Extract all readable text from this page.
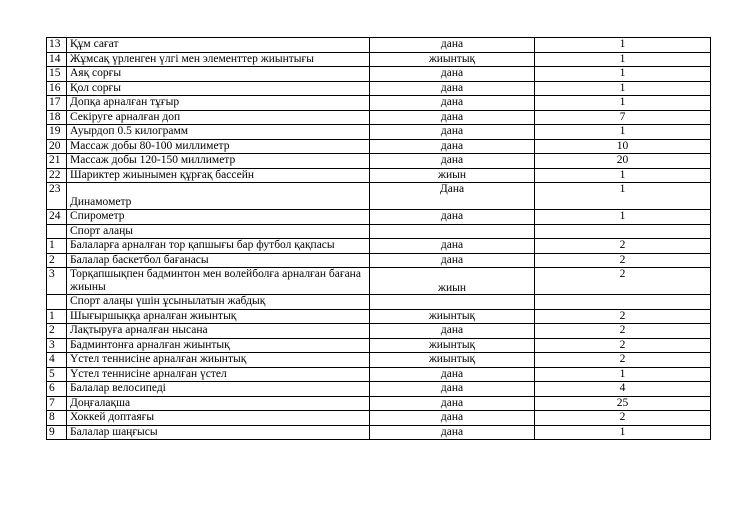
13	Құм сағат	дана	1
14	Жұмсақ үрленген үлгі мен элементтер жиынтығы	жиынтық	1
15	Аяқ сорғы	дана	1
16	Қол сорғы	дана	1
17	Допқа арналған тұғыр	дана	1
18	Секіруге арналған доп	дана	7
19	Ауырдоп 0.5 килограмм	дана	1
20	Массаж добы 80-100 миллиметр	дана	10
21	Массаж добы 120-150 миллиметр	дана	20
22	Шариктер жиынымен құрғақ бассейн	жиын	1
23	Динамометр	Дана	1
24	Спирометр	дана	1
	Спорт алаңы		
1	Балаларға арналған тор қапшығы бар футбол қақпасы	дана	2
2	Балалар баскетбол бағанасы	дана	2
3	Торқапшықпен бадминтон мен волейболға арналған бағана жиыны	жиын	2
	Спорт алаңы үшін ұсынылатын жабдық		
1	Шығыршыққа арналған жиынтық	жиынтық	2
2	Лақтыруға арналған нысана	дана	2
3	Бадминтонға арналған жиынтық	жиынтық	2
4	Үстел теннисіне арналған жиынтық	жиынтық	2
5	Үстел теннисіне арналған үстел	дана	1
6	Балалар велосипеді	дана	4
7	Доңғалақша	дана	25
8	Хоккей доптаяғы	дана	2
9	Балалар шаңғысы	дана	1
